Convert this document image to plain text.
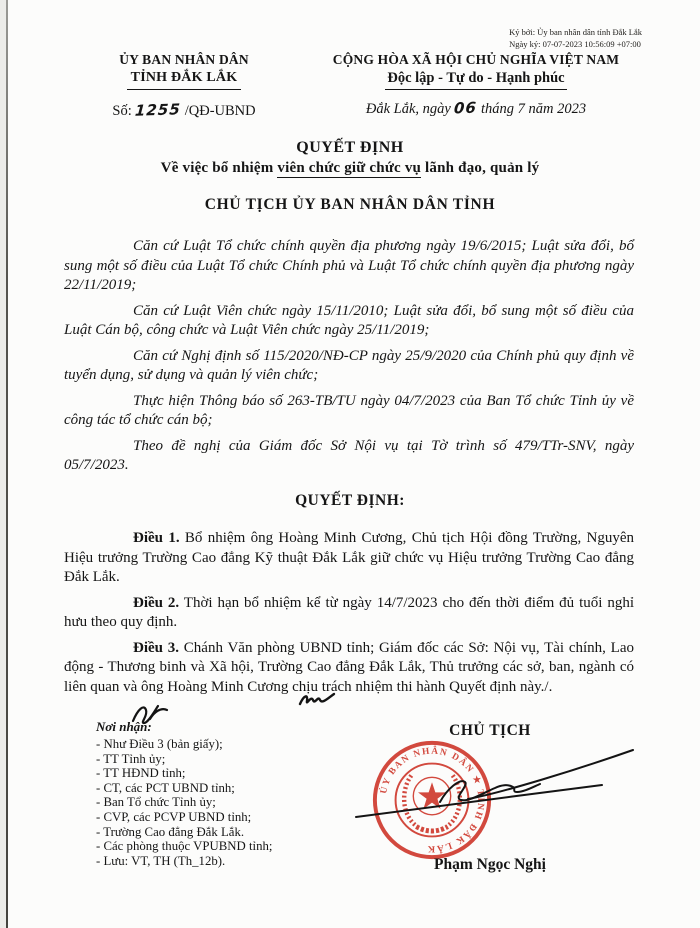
Ký bởi: Ủy ban nhân dân tỉnh Đắk Lắk
Ngày ký: 07-07-2023 10:56:09 +07:00
ỦY BAN NHÂN DÂN
TỈNH ĐẮK LẮK
Số: 1255 /QĐ-UBND
CỘNG HÒA XÃ HỘI CHỦ NGHĨA VIỆT NAM
Độc lập - Tự do - Hạnh phúc
Đắk Lắk, ngày 06 tháng 7 năm 2023
QUYẾT ĐỊNH
Về việc bổ nhiệm viên chức giữ chức vụ lãnh đạo, quản lý
CHỦ TỊCH ỦY BAN NHÂN DÂN TỈNH

Căn cứ Luật Tổ chức chính quyền địa phương ngày 19/6/2015; Luật sửa đổi, bổ sung một số điều của Luật Tổ chức Chính phủ và Luật Tổ chức chính quyền địa phương ngày 22/11/2019;

Căn cứ Luật Viên chức ngày 15/11/2010; Luật sửa đổi, bổ sung một số điều của Luật Cán bộ, công chức và Luật Viên chức ngày 25/11/2019;

Căn cứ Nghị định số 115/2020/NĐ-CP ngày 25/9/2020 của Chính phủ quy định về tuyển dụng, sử dụng và quản lý viên chức;

Thực hiện Thông báo số 263-TB/TU ngày 04/7/2023 của Ban Tổ chức Tỉnh ủy về công tác tổ chức cán bộ;

Theo đề nghị của Giám đốc Sở Nội vụ tại Tờ trình số 479/TTr-SNV, ngày 05/7/2023.

QUYẾT ĐỊNH:

Điều 1. Bổ nhiệm ông Hoàng Minh Cương, Chủ tịch Hội đồng Trường, Nguyên Hiệu trưởng Trường Cao đẳng Kỹ thuật Đắk Lắk giữ chức vụ Hiệu trưởng Trường Cao đẳng Đắk Lắk.

Điều 2. Thời hạn bổ nhiệm kể từ ngày 14/7/2023 cho đến thời điểm đủ tuổi nghỉ hưu theo quy định.

Điều 3. Chánh Văn phòng UBND tỉnh; Giám đốc các Sở: Nội vụ, Tài chính, Lao động - Thương binh và Xã hội, Trường Cao đẳng Đắk Lắk, Thủ trưởng các sở, ban, ngành có liên quan và ông Hoàng Minh Cương chịu trách nhiệm thi hành Quyết định này./.

Nơi nhận:
- Như Điều 3 (bản giấy);
- TT Tỉnh ủy;
- TT HĐND tỉnh;
- CT, các PCT UBND tỉnh;
- Ban Tổ chức Tỉnh ủy;
- CVP, các PCVP UBND tỉnh;
- Trường Cao đẳng Đắk Lắk.
- Các phòng thuộc VPUBND tỉnh;
- Lưu: VT, TH (Th_12b).
CHỦ TỊCH
ỦY BAN NHÂN DÂN ★ TỈNH ĐẮK LẮK
Phạm Ngọc Nghị
